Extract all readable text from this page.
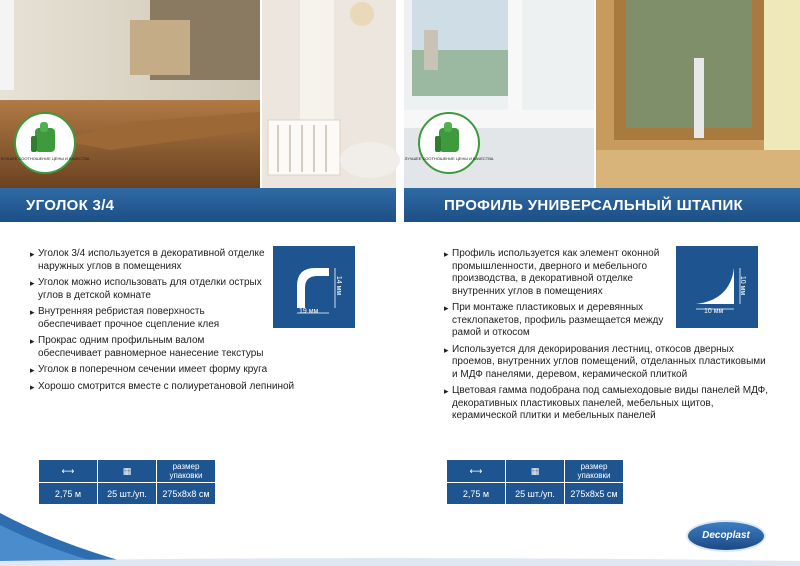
ЛУЧШЕЕ СООТНОШЕНИЕ ЦЕНЫ И КАЧЕСТВА
УГОЛОК 3/4
▸ Уголок 3/4 используется в декоративной отделке наружных углов в помещениях
▸ Уголок можно использовать для отделки острых углов в детской комнате
▸ Внутренняя ребристая поверхность обеспечивает прочное сцепление клея
▸ Прокрас одним профильным валом обеспечивает равномерное нанесение текстуры
▸ Уголок в поперечном сечении имеет форму круга
▸ Хорошо смотрится вместе с полиуретановой лепниной
19 мм
14 мм
⟷	▦	размер упаковки
2,75 м	25 шт./уп.	275x8x8 см
ЛУЧШЕЕ СООТНОШЕНИЕ ЦЕНЫ И КАЧЕСТВА
ПРОФИЛЬ УНИВЕРСАЛЬНЫЙ ШТАПИК
▸ Профиль используется как элемент оконной промышленности, дверного и мебельного производства, в декоративной отделке внутренних углов в помещениях
▸ При монтаже пластиковых и деревянных стеклопакетов, профиль размещается между рамой и откосом
▸ Используется для декорирования лестниц, откосов дверных проемов, внутренних углов помещений, отделанных пластиковыми и МДФ панелями, деревом, керамической плиткой
▸ Цветовая гамма подобрана под самыеходовые виды панелей МДФ, декоративных пластиковых панелей, мебельных щитов, керамической плитки и мебельных панелей
10 мм
10 мм
⟷	▦	размер упаковки
2,75 м	25 шт./уп.	275x8x5 см
Decoplast
